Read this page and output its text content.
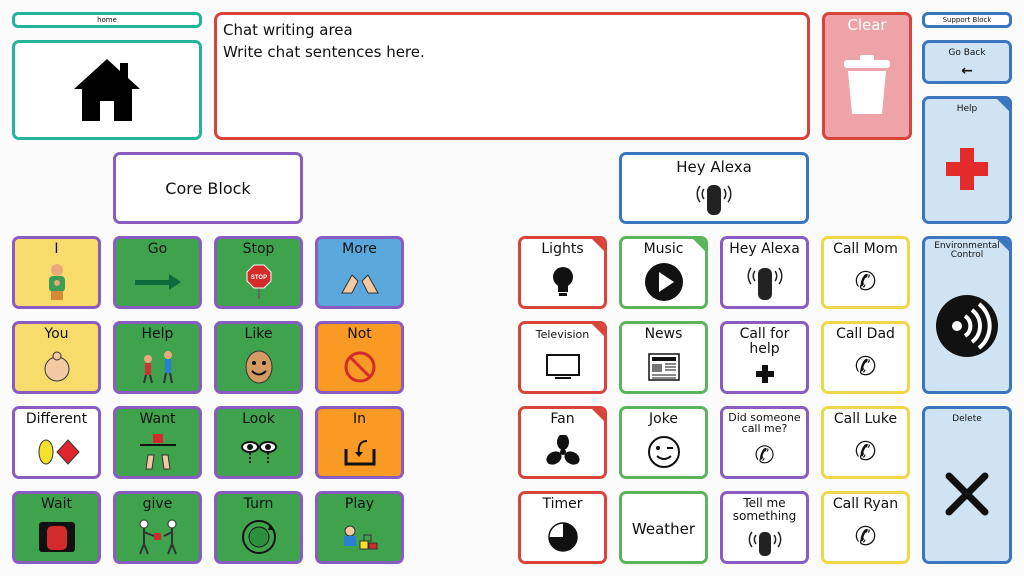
home
Chat writing area
Write chat sentences here.
Clear	Support Block
Go Back
←
Help
Environmental Control
Delete
Core Block
Hey Alexa
I	Go	Stop
STOP
More
You	Help	Like	Not
Different	Want	Look	In
Wait	give	Turn	Play
Lights	Music	Hey Alexa Call Mom
✆
Television	News	Call for help
Call Dad
✆
Fan	Joke	Did someone call me?
✆
Call Luke
✆
Timer
Weather
Tell me something
Call Ryan
✆
